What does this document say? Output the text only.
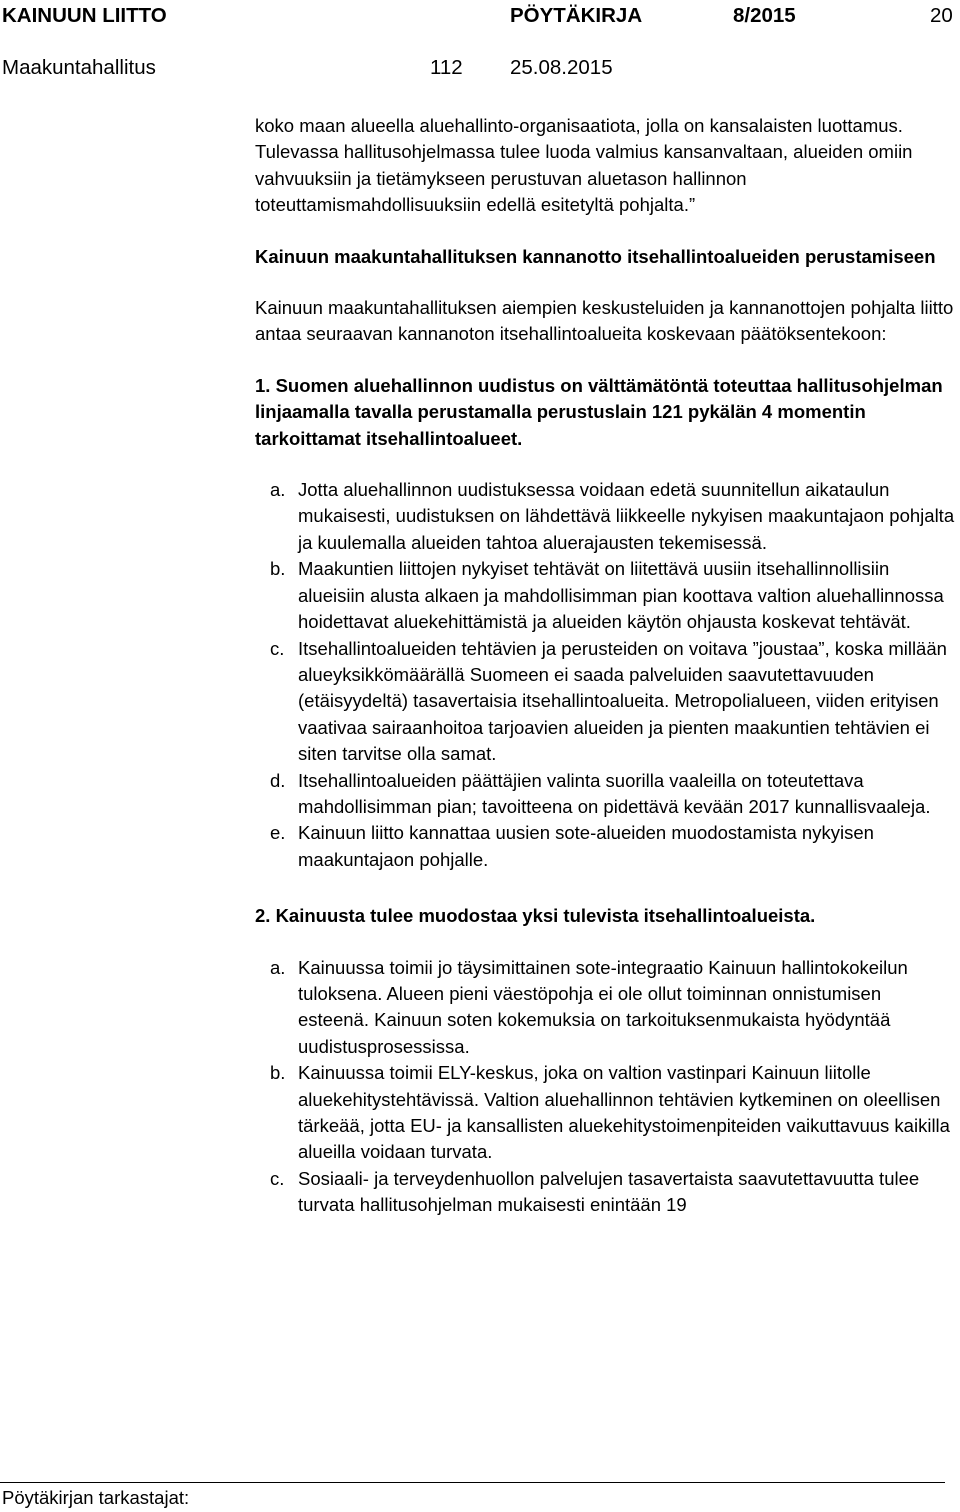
KAINUUN LIITTO	PÖYTÄKIRJA	8/2015	20
Maakuntahallitus	112 25.08.2015

koko maan alueella aluehallinto-organisaatiota, jolla on kansalaisten luottamus. Tulevassa hallitusohjelmassa tulee luoda valmius kansanvaltaan, alueiden omiin vahvuuksiin ja tietämykseen perustuvan aluetason hallinnon toteuttamismahdollisuuksiin edellä esitetyltä pohjalta.”

Kainuun maakuntahallituksen kannanotto itsehallintoalueiden perustamiseen

Kainuun maakuntahallituksen aiempien keskusteluiden ja kannanottojen pohjalta liitto antaa seuraavan kannanoton itsehallintoalueita koskevaan päätöksentekoon:

1. Suomen aluehallinnon uudistus on välttämätöntä toteuttaa hallitusohjelman linjaamalla tavalla perustamalla perustuslain 121 pykälän 4 momentin tarkoittamat itsehallintoalueet.

a. Jotta aluehallinnon uudistuksessa voidaan edetä suunnitellun aikataulun mukaisesti, uudistuksen on lähdettävä liikkeelle nykyisen maakuntajaon pohjalta ja kuulemalla alueiden tahtoa aluerajausten tekemisessä.
b. Maakuntien liittojen nykyiset tehtävät on liitettävä uusiin itsehallinnollisiin alueisiin alusta alkaen ja mahdollisimman pian koottava valtion aluehallinnossa hoidettavat aluekehittämistä ja alueiden käytön ohjausta koskevat tehtävät.
c. Itsehallintoalueiden tehtävien ja perusteiden on voitava ”joustaa”, koska millään alueyksikkömäärällä Suomeen ei saada palveluiden saavutettavuuden (etäisyydeltä) tasavertaisia itsehallintoalueita. Metropolialueen, viiden erityisen vaativaa sairaanhoitoa tarjoavien alueiden ja pienten maakuntien tehtävien ei siten tarvitse olla samat.
d. Itsehallintoalueiden päättäjien valinta suorilla vaaleilla on toteutettava mahdollisimman pian; tavoitteena on pidettävä kevään 2017 kunnallisvaaleja.
e. Kainuun liitto kannattaa uusien sote-alueiden muodostamista nykyisen maakuntajaon pohjalle.

2. Kainuusta tulee muodostaa yksi tulevista itsehallintoalueista.

a. Kainuussa toimii jo täysimittainen sote-integraatio Kainuun hallintokokeilun tuloksena. Alueen pieni väestöpohja ei ole ollut toiminnan onnistumisen esteenä. Kainuun soten kokemuksia on tarkoituksenmukaista hyödyntää uudistusprosessissa.
b. Kainuussa toimii ELY-keskus, joka on valtion vastinpari Kainuun liitolle aluekehitystehtävissä. Valtion aluehallinnon tehtävien kytkeminen on oleellisen tärkeää, jotta EU- ja kansallisten aluekehitystoimenpiteiden vaikuttavuus kaikilla alueilla voidaan turvata.
c. Sosiaali- ja terveydenhuollon palvelujen tasavertaista saavutettavuutta tulee turvata hallitusohjelman mukaisesti enintään 19
Pöytäkirjan tarkastajat:
